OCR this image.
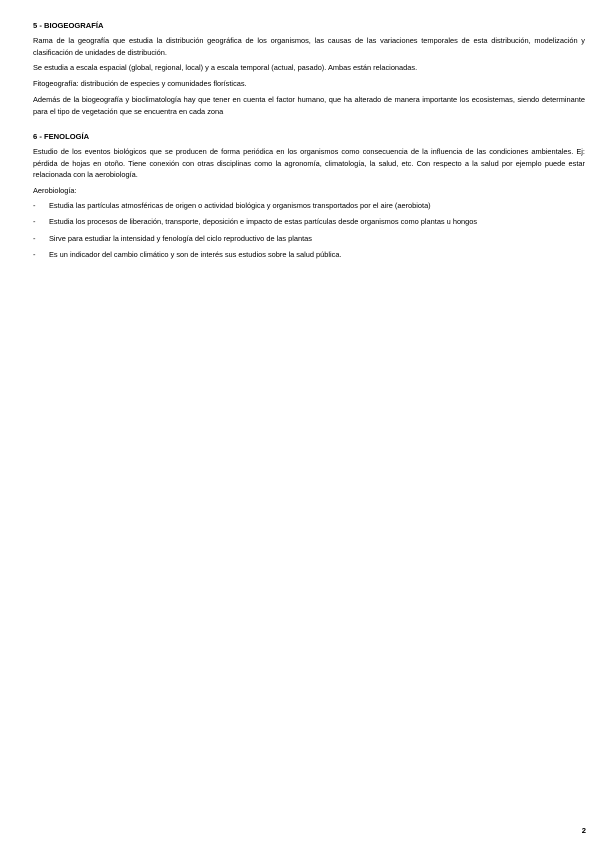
5 - BIOGEOGRAFÍA

Rama de la geografía que estudia la distribución geográfica de los organismos, las causas de las variaciones temporales de esta distribución, modelización y clasificación de unidades de distribución.

Se estudia a escala espacial (global, regional, local) y a escala temporal (actual, pasado). Ambas están relacionadas.

Fitogeografía: distribución de especies y comunidades florísticas.

Además de la biogeografía y bioclimatología hay que tener en cuenta el factor humano, que ha alterado de manera importante los ecosistemas, siendo determinante para el tipo de vegetación que se encuentra en cada zona

6 - FENOLOGÍA

Estudio de los eventos biológicos que se producen de forma periódica en los organismos como consecuencia de la influencia de las condiciones ambientales. Ej: pérdida de hojas en otoño. Tiene conexión con otras disciplinas como la agronomía, climatología, la salud, etc. Con respecto a la salud por ejemplo puede estar relacionada con la aerobiología.

Aerobiología:
- Estudia las partículas atmosféricas de origen o actividad biológica y organismos transportados por el aire (aerobiota)
- Estudia los procesos de liberación, transporte, deposición e impacto de estas partículas desde organismos como plantas u hongos
- Sirve para estudiar la intensidad y fenología del ciclo reproductivo de las plantas
- Es un indicador del cambio climático y son de interés sus estudios sobre la salud pública.
2
